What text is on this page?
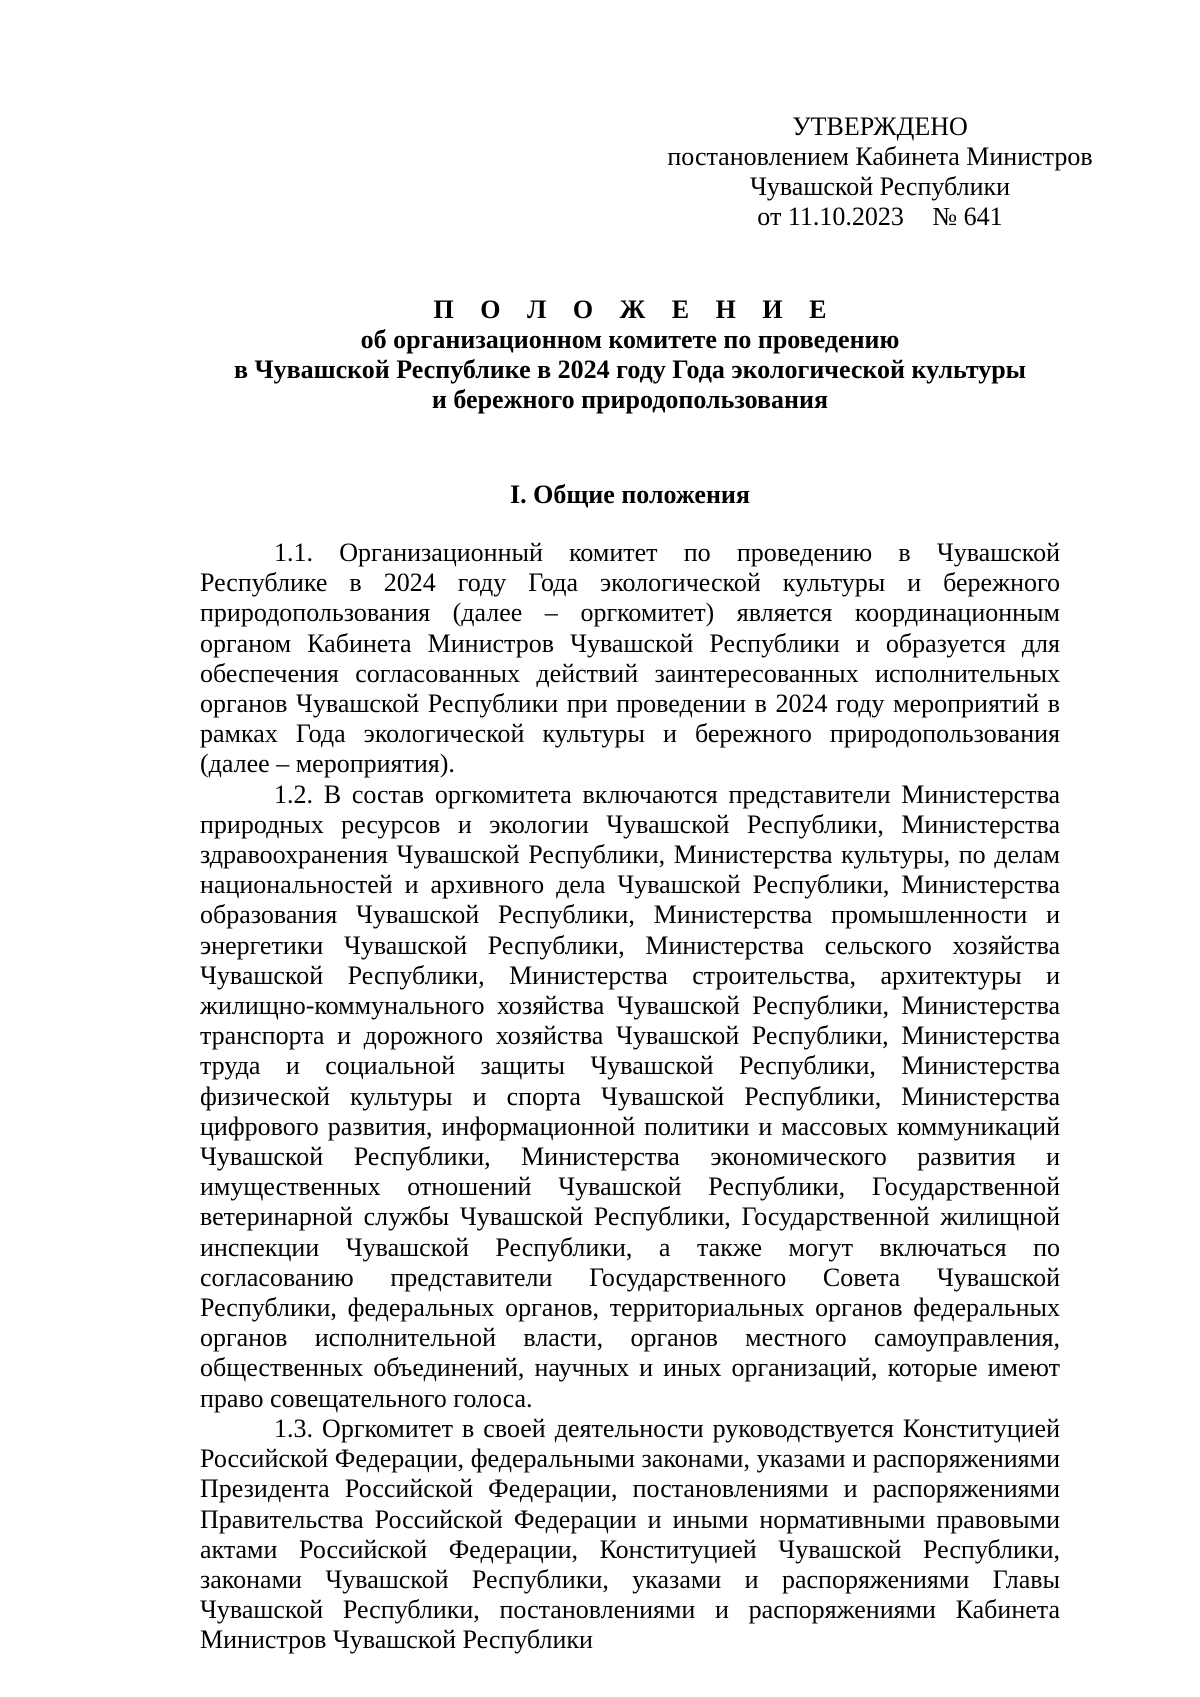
УТВЕРЖДЕНО
постановлением Кабинета Министров
Чувашской Республики
от 11.10.2023 № 641
П О Л О Ж Е Н И Е
об организационном комитете по проведению
в Чувашской Республике в 2024 году Года экологической культуры
и бережного природопользования
I. Общие положения

1.1. Организационный комитет по проведению в Чувашской Республике в 2024 году Года экологической культуры и бережного природопользования (далее – оргкомитет) является координационным органом Кабинета Министров Чувашской Республики и образуется для обеспечения согласованных действий заинтересованных исполнительных органов Чувашской Республики при проведении в 2024 году мероприятий в рамках Года экологической культуры и бережного природопользования (далее – мероприятия).

1.2. В состав оргкомитета включаются представители Министерства природных ресурсов и экологии Чувашской Республики, Министерства здравоохранения Чувашской Республики, Министерства культуры, по делам национальностей и архивного дела Чувашской Республики, Министерства образования Чувашской Республики, Министерства промышленности и энергетики Чувашской Республики, Министерства сельского хозяйства Чувашской Республики, Министерства строительства, архитектуры и жилищно-коммунального хозяйства Чувашской Республики, Министерства транспорта и дорожного хозяйства Чувашской Республики, Министерства труда и социальной защиты Чувашской Республики, Министерства физической культуры и спорта Чувашской Республики, Министерства цифрового развития, информационной политики и массовых коммуникаций Чувашской Республики, Министерства экономического развития и имущественных отношений Чувашской Республики, Государственной ветеринарной службы Чувашской Республики, Государственной жилищной инспекции Чувашской Республики, а также могут включаться по согласованию представители Государственного Совета Чувашской Республики, федеральных органов, территориальных органов федеральных органов исполнительной власти, органов местного самоуправления, общественных объединений, научных и иных организаций, которые имеют право совещательного голоса.

1.3. Оргкомитет в своей деятельности руководствуется Конституцией Российской Федерации, федеральными законами, указами и распоряжениями Президента Российской Федерации, постановлениями и распоряжениями Правительства Российской Федерации и иными нормативными правовыми актами Российской Федерации, Конституцией Чувашской Республики, законами Чувашской Республики, указами и распоряжениями Главы Чувашской Республики, постановлениями и распоряжениями Кабинета Министров Чувашской Республики
